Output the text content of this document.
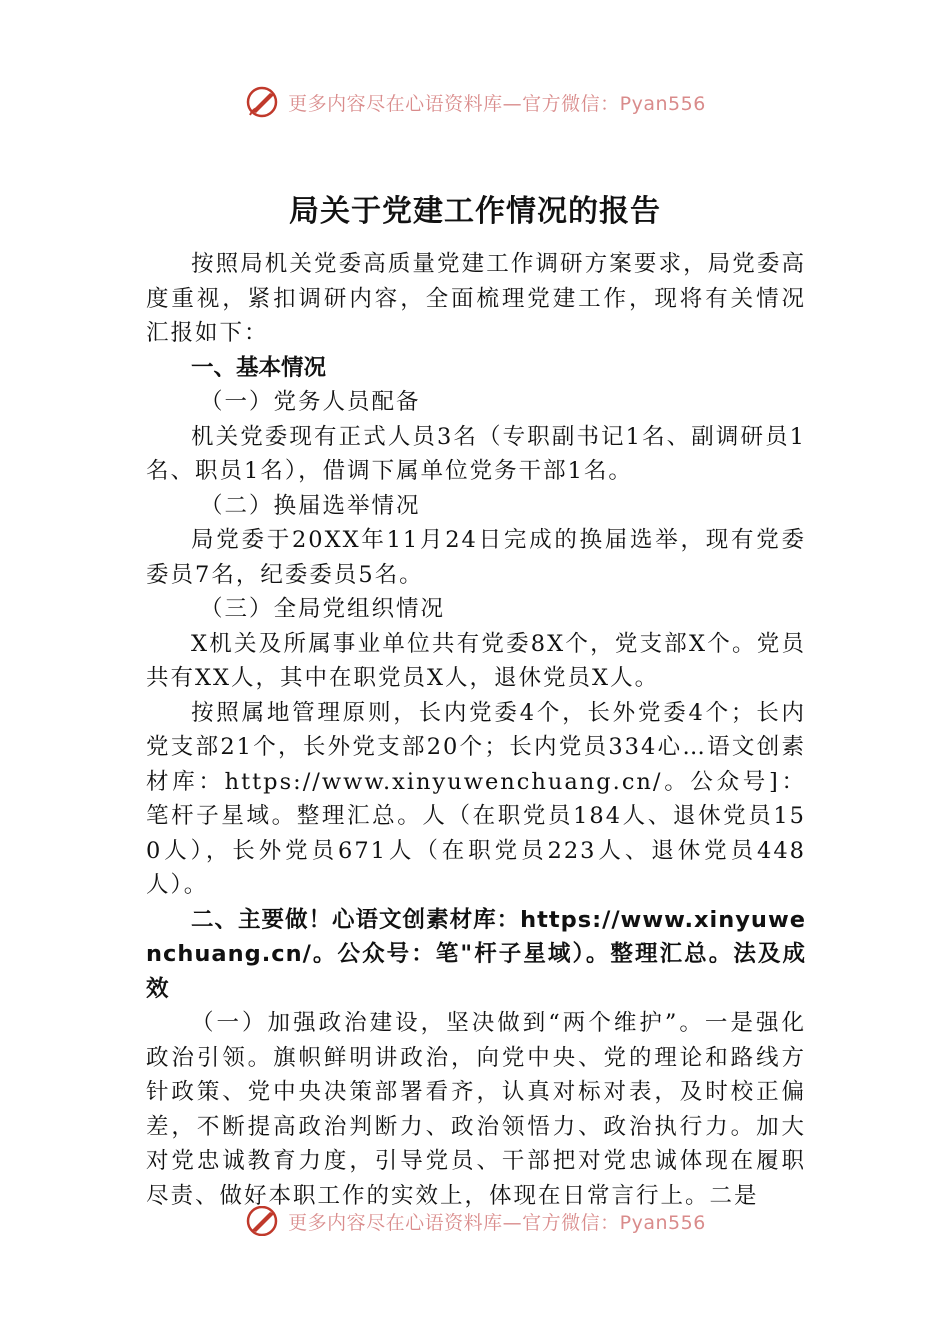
更多内容尽在心语资料库—官方微信：Pyan556
局关于党建工作情况的报告

按照局机关党委高质量党建工作调研方案要求，局党委高度重视，紧扣调研内容，全面梳理党建工作，现将有关情况汇报如下：

一、基本情况

（一）党务人员配备

机关党委现有正式人员3名（专职副书记1名、副调研员1名、职员1名），借调下属单位党务干部1名。

（二）换届选举情况

局党委于20XX年11月24日完成的换届选举，现有党委委员7名，纪委委员5名。

（三）全局党组织情况

X机关及所属事业单位共有党委8X个，党支部X个。党员共有XX人，其中在职党员X人，退休党员X人。

按照属地管理原则，长内党委4个，长外党委4个；长内党支部21个，长外党支部20个；长内党员334心…语文创素材库：https://www.xinyuwenchuang.cn/。公众号]：笔杆子星域。整理汇总。人（在职党员184人、退休党员150人），长外党员671人（在职党员223人、退休党员448人）。

二、主要做！心语文创素材库：https://www.xinyuwenchuang.cn/。公众号：笔"杆子星域）。整理汇总。法及成效

（一）加强政治建设，坚决做到“两个维护”。一是强化政治引领。旗帜鲜明讲政治，向党中央、党的理论和路线方针政策、党中央决策部署看齐，认真对标对表，及时校正偏差，不断提高政治判断力、政治领悟力、政治执行力。加大对党忠诚教育力度，引导党员、干部把对党忠诚体现在履职尽责、做好本职工作的实效上，体现在日常言行上。二是

更多内容尽在心语资料库—官方微信：Pyan556
